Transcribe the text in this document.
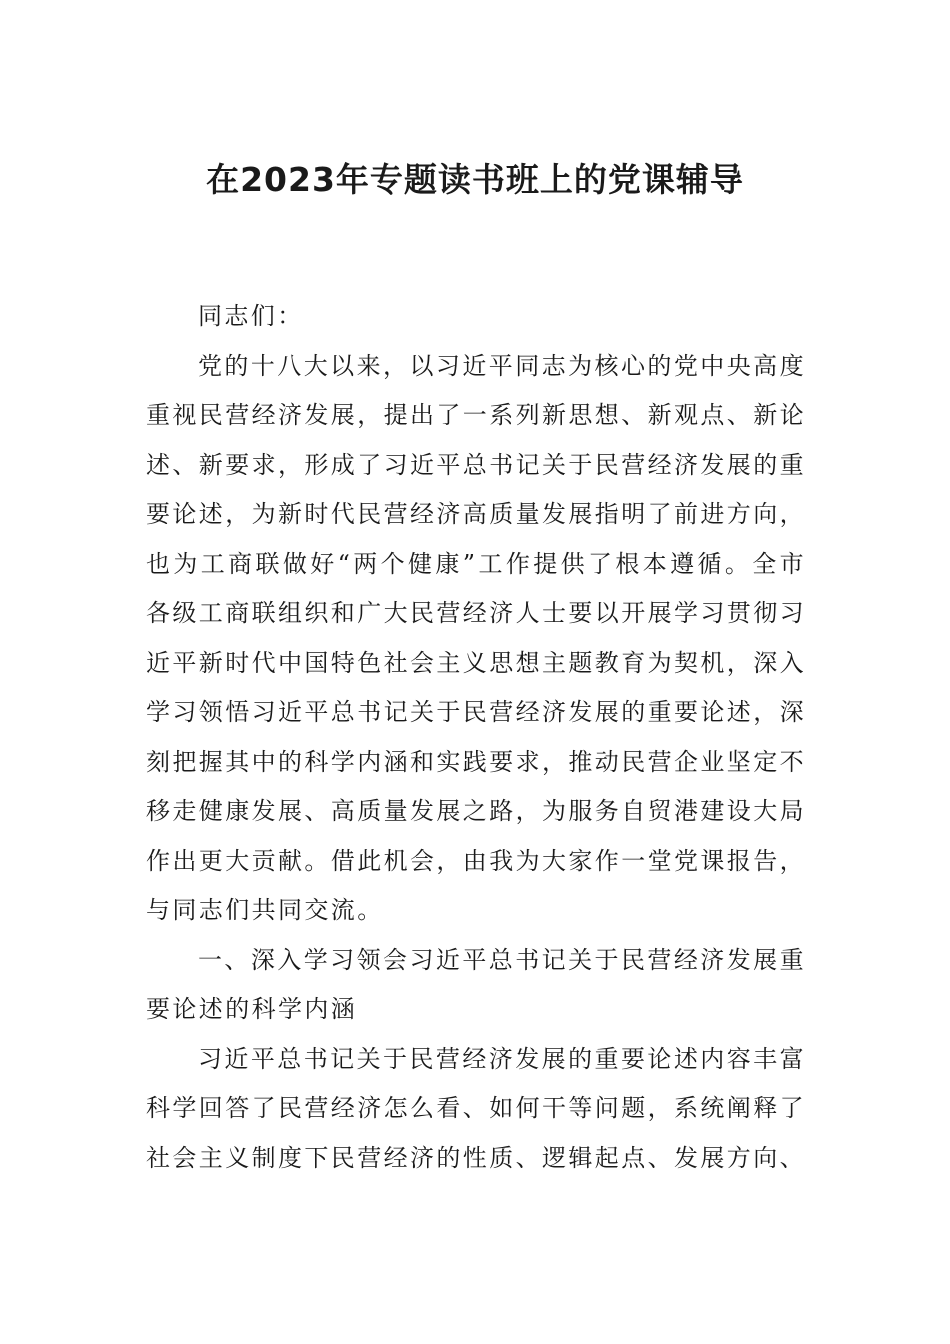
在2023年专题读书班上的党课辅导

同志们：

党的十八大以来，以习近平同志为核心的党中央高度重视民营经济发展，提出了一系列新思想、新观点、新论述、新要求，形成了习近平总书记关于民营经济发展的重要论述，为新时代民营经济高质量发展指明了前进方向，也为工商联做好“两个健康”工作提供了根本遵循。全市各级工商联组织和广大民营经济人士要以开展学习贯彻习近平新时代中国特色社会主义思想主题教育为契机，深入学习领悟习近平总书记关于民营经济发展的重要论述，深刻把握其中的科学内涵和实践要求，推动民营企业坚定不移走健康发展、高质量发展之路，为服务自贸港建设大局作出更大贡献。借此机会，由我为大家作一堂党课报告，与同志们共同交流。

一、深入学习领会习近平总书记关于民营经济发展重要论述的科学内涵

习近平总书记关于民营经济发展的重要论述内容丰富科学回答了民营经济怎么看、如何干等问题，系统阐释了社会主义制度下民营经济的性质、逻辑起点、发展方向、
